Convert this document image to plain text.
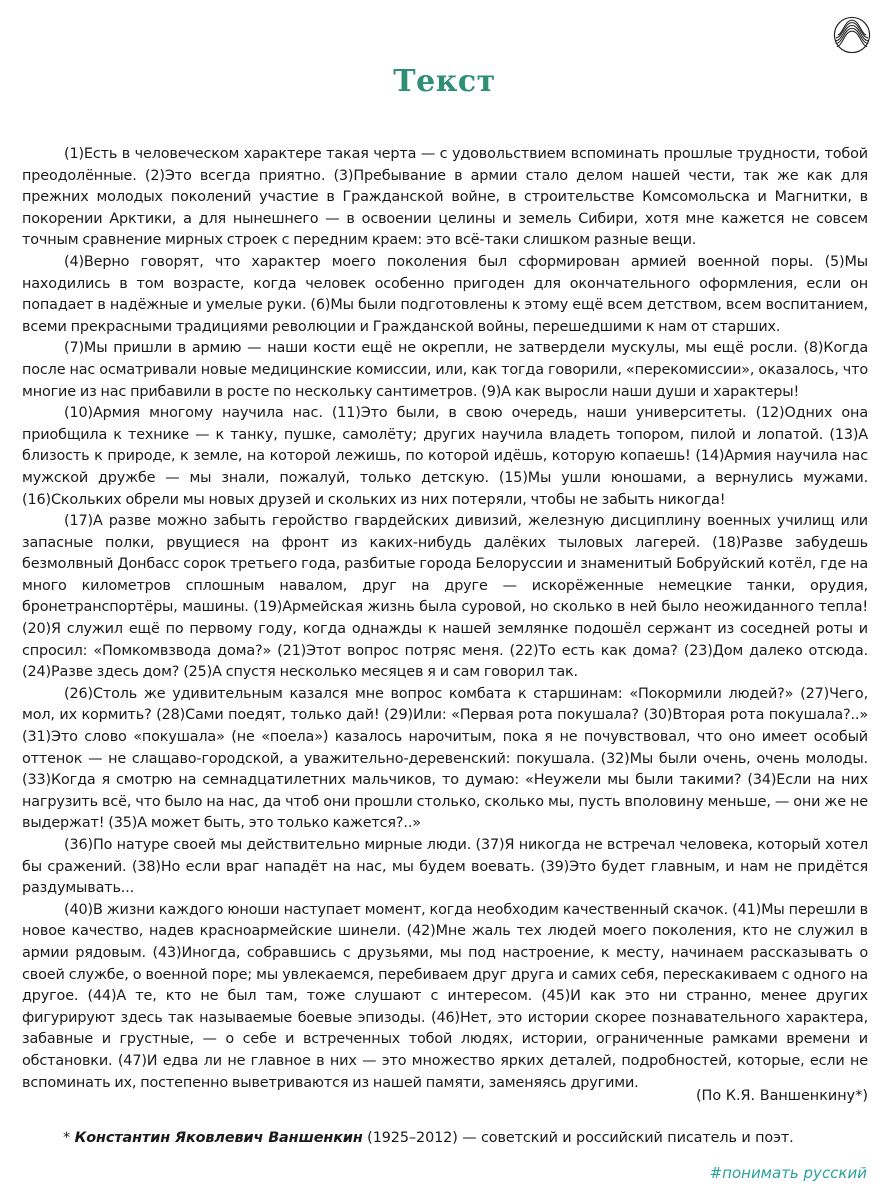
Текст

(1)Есть в человеческом характере такая черта — с удовольствием вспоминать прошлые трудности, тобой преодолённые. (2)Это всегда приятно. (3)Пребывание в армии стало делом нашей чести, так же как для прежних молодых поколений участие в Гражданской войне, в строительстве Комсомольска и Магнитки, в покорении Арктики, а для нынешнего — в освоении целины и земель Сибири, хотя мне кажется не совсем точным сравнение мирных строек с передним краем: это всё-таки слишком разные вещи.

(4)Верно говорят, что характер моего поколения был сформирован армией военной поры. (5)Мы находились в том возрасте, когда человек особенно пригоден для окончательного оформления, если он попадает в надёжные и умелые руки. (6)Мы были подготовлены к этому ещё всем детством, всем воспитанием, всеми прекрасными традициями революции и Гражданской войны, перешедшими к нам от старших.

(7)Мы пришли в армию — наши кости ещё не окрепли, не затвердели мускулы, мы ещё росли. (8)Когда после нас осматривали новые медицинские комиссии, или, как тогда говорили, «перекомиссии», оказалось, что многие из нас прибавили в росте по нескольку сантиметров. (9)А как выросли наши души и характеры!

(10)Армия многому научила нас. (11)Это были, в свою очередь, наши университеты. (12)Одних она приобщила к технике — к танку, пушке, самолёту; других научила владеть топором, пилой и лопатой. (13)А близость к природе, к земле, на которой лежишь, по которой идёшь, которую копаешь! (14)Армия научила нас мужской дружбе — мы знали, пожалуй, только детскую. (15)Мы ушли юношами, а вернулись мужами. (16)Скольких обрели мы новых друзей и скольких из них потеряли, чтобы не забыть никогда!

(17)А разве можно забыть геройство гвардейских дивизий, железную дисциплину военных училищ или запасные полки, рвущиеся на фронт из каких-нибудь далёких тыловых лагерей. (18)Разве забудешь безмолвный Донбасс сорок третьего года, разбитые города Белоруссии и знаменитый Бобруйский котёл, где на много километров сплошным навалом, друг на друге — искорёженные немецкие танки, орудия, бронетранспортёры, машины. (19)Армейская жизнь была суровой, но сколько в ней было неожиданного тепла! (20)Я служил ещё по первому году, когда однажды к нашей землянке подошёл сержант из соседней роты и спросил: «Помкомвзвода дома?» (21)Этот вопрос потряс меня. (22)То есть как дома? (23)Дом далеко отсюда. (24)Разве здесь дом? (25)А спустя несколько месяцев я и сам говорил так.

(26)Столь же удивительным казался мне вопрос комбата к старшинам: «Покормили людей?» (27)Чего, мол, их кормить? (28)Сами поедят, только дай! (29)Или: «Первая рота покушала? (30)Вторая рота покушала?..» (31)Это слово «покушала» (не «поела») казалось нарочитым, пока я не почувствовал, что оно имеет особый оттенок — не слащаво-городской, а уважительно-деревенский: покушала. (32)Мы были очень, очень молоды. (33)Когда я смотрю на семнадцатилетних мальчиков, то думаю: «Неужели мы были такими? (34)Если на них нагрузить всё, что было на нас, да чтоб они прошли столько, сколько мы, пусть вполовину меньше, — они же не выдержат! (35)А может быть, это только кажется?..»

(36)По натуре своей мы действительно мирные люди. (37)Я никогда не встречал человека, который хотел бы сражений. (38)Но если враг нападёт на нас, мы будем воевать. (39)Это будет главным, и нам не придётся раздумывать...

(40)В жизни каждого юноши наступает момент, когда необходим качественный скачок. (41)Мы перешли в новое качество, надев красноармейские шинели. (42)Мне жаль тех людей моего поколения, кто не служил в армии рядовым. (43)Иногда, собравшись с друзьями, мы под настроение, к месту, начинаем рассказывать о своей службе, о военной поре; мы увлекаемся, перебиваем друг друга и самих себя, перескакиваем с одного на другое. (44)А те, кто не был там, тоже слушают с интересом. (45)И как это ни странно, менее других фигурируют здесь так называемые боевые эпизоды. (46)Нет, это истории скорее познавательного характера, забавные и грустные, — о себе и встреченных тобой людях, истории, ограниченные рамками времени и обстановки. (47)И едва ли не главное в них — это множество ярких деталей, подробностей, которые, если не вспоминать их, постепенно выветриваются из нашей памяти, заменяясь другими.

(По К.Я. Ваншенкину*)
* Константин Яковлевич Ваншенкин (1925–2012) — советский и российский писатель и поэт.
#понимать русский
